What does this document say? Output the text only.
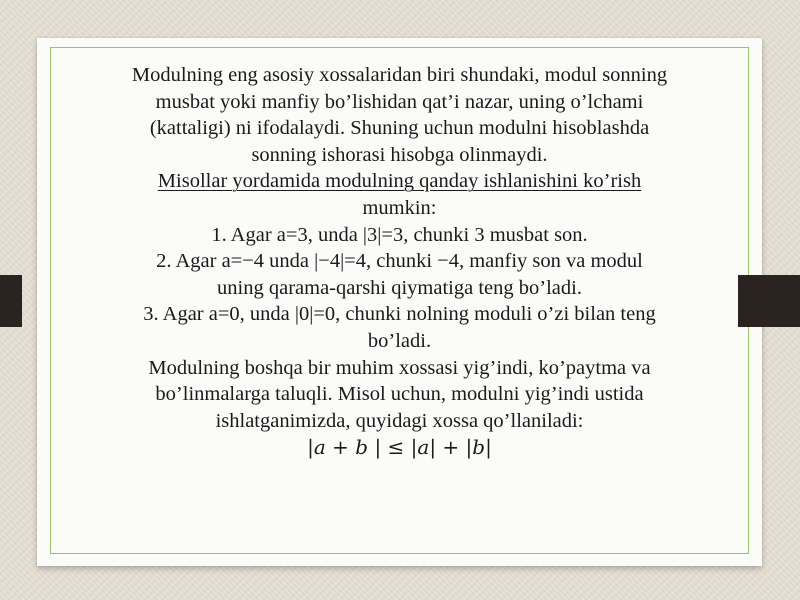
Modulning eng asosiy xossalaridan biri shundaki, modul sonning musbat yoki manfiy bo’lishidan qat’i nazar, uning o’lchami (kattaligi) ni ifodalaydi. Shuning uchun modulni hisoblashda sonning ishorasi hisobga olinmaydi.

Misollar yordamida modulning qanday ishlanishini ko’rish

mumkin:

1. Agar a=3, unda |3|=3, chunki 3 musbat son.

2. Agar a=−4 unda |−4|=4, chunki −4, manfiy son va modul uning qarama-qarshi qiymatiga teng bo’ladi.

3. Agar a=0, unda |0|=0, chunki nolning moduli o’zi bilan teng bo’ladi.

Modulning boshqa bir muhim xossasi yig’indi, ko’paytma va bo’linmalarga taluqli. Misol uchun, modulni yig’indi ustida ishlatganimizda, quyidagi xossa qo’llaniladi:

|a + b | ≤ |a| + |b|
